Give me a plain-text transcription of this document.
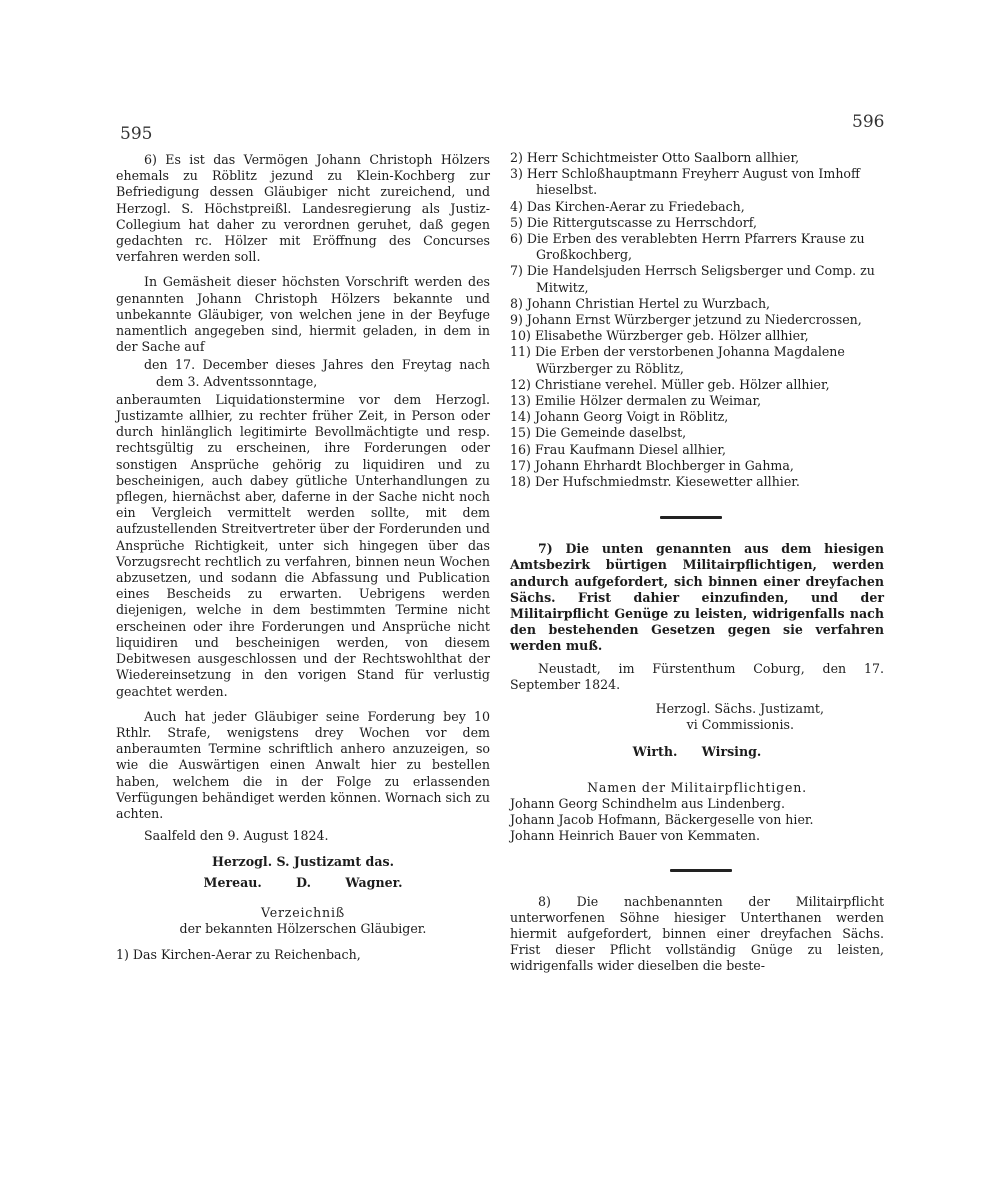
595
596

6) Es ist das Vermögen Johann Christoph Hölzers ehemals zu Röblitz jezund zu Klein-Kochberg zur Befriedigung dessen Gläubiger nicht zureichend, und Herzogl. S. Höchstpreißl. Landesregierung als Justiz-Collegium hat daher zu verordnen geruhet, daß gegen gedachten rc. Hölzer mit Eröffnung des Concurses verfahren werden soll.

In Gemäsheit dieser höchsten Vorschrift werden des genannten Johann Christoph Hölzers bekannte und unbekannte Gläubiger, von welchen jene in der Beyfuge namentlich angegeben sind, hiermit geladen, in dem in der Sache auf

den 17. December dieses Jahres den Freytag nach dem 3. Adventssonntage,

anberaumten Liquidationstermine vor dem Herzogl. Justizamte allhier, zu rechter früher Zeit, in Person oder durch hinlänglich legitimirte Bevollmächtigte und resp. rechtsgültig zu erscheinen, ihre Forderungen oder sonstigen Ansprüche gehörig zu liquidiren und zu bescheinigen, auch dabey gütliche Unterhandlungen zu pflegen, hiernächst aber, daferne in der Sache nicht noch ein Vergleich vermittelt werden sollte, mit dem aufzustellenden Streitvertreter über der Forderunden und Ansprüche Richtigkeit, unter sich hingegen über das Vorzugsrecht rechtlich zu verfahren, binnen neun Wochen abzusetzen, und sodann die Abfassung und Publication eines Bescheids zu erwarten. Uebrigens werden diejenigen, welche in dem bestimmten Termine nicht erscheinen oder ihre Forderungen und Ansprüche nicht liquidiren und bescheinigen werden, von diesem Debitwesen ausgeschlossen und der Rechtswohlthat der Wiedereinsetzung in den vorigen Stand für verlustig geachtet werden.

Auch hat jeder Gläubiger seine Forderung bey 10 Rthlr. Strafe, wenigstens drey Wochen vor dem anberaumten Termine schriftlich anhero anzuzeigen, so wie die Auswärtigen einen Anwalt hier zu bestellen haben, welchem die in der Folge zu erlassenden Verfügungen behändiget werden können. Wornach sich zu achten.

Saalfeld den 9. August 1824.

Herzogl. S. Justizamt das.

Mereau. D. Wagner.

Verzeichniß

der bekannten Hölzerschen Gläubiger.

1) Das Kirchen-Aerar zu Reichenbach,

2) Herr Schichtmeister Otto Saalborn allhier,

3) Herr Schloßhauptmann Freyherr August von Imhoff hieselbst.

4) Das Kirchen-Aerar zu Friedebach,

5) Die Rittergutscasse zu Herrschdorf,

6) Die Erben des verablebten Herrn Pfarrers Krause zu Großkochberg,

7) Die Handelsjuden Herrsch Seligsberger und Comp. zu Mitwitz,

8) Johann Christian Hertel zu Wurzbach,

9) Johann Ernst Würzberger jetzund zu Niedercrossen,

10) Elisabethe Würzberger geb. Hölzer allhier,

11) Die Erben der verstorbenen Johanna Magdalene Würzberger zu Röblitz,

12) Christiane verehel. Müller geb. Hölzer allhier,

13) Emilie Hölzer dermalen zu Weimar,

14) Johann Georg Voigt in Röblitz,

15) Die Gemeinde daselbst,

16) Frau Kaufmann Diesel allhier,

17) Johann Ehrhardt Blochberger in Gahma,

18) Der Hufschmiedmstr. Kiesewetter allhier.

7) Die unten genannten aus dem hiesigen Amtsbezirk bürtigen Militairpflichtigen, werden andurch aufgefordert, sich binnen einer dreyfachen Sächs. Frist dahier einzufinden, und der Militairpflicht Genüge zu leisten, widrigenfalls nach den bestehenden Gesetzen gegen sie verfahren werden muß.

Neustadt, im Fürstenthum Coburg, den 17. September 1824.

Herzogl. Sächs. Justizamt,

vi Commissionis.

Wirth. Wirsing.

Namen der Militairpflichtigen.

Johann Georg Schindhelm aus Lindenberg.

Johann Jacob Hofmann, Bäckergeselle von hier.

Johann Heinrich Bauer von Kemmaten.

8) Die nachbenannten der Militairpflicht unterworfenen Söhne hiesiger Unterthanen werden hiermit aufgefordert, binnen einer dreyfachen Sächs. Frist dieser Pflicht vollständig Gnüge zu leisten, widrigenfalls wider dieselben die beste-
